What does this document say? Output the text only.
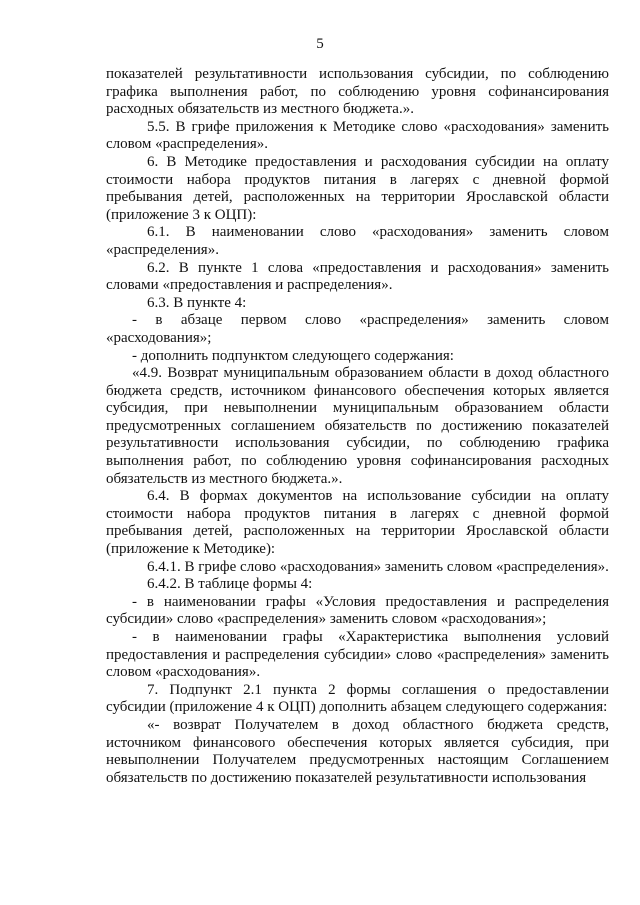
5

показателей результативности использования субсидии, по соблюдению графика выполнения работ, по соблюдению уровня софинансирования расходных обязательств из местного бюджета.».

5.5. В грифе приложения к Методике слово «расходования» заменить словом «распределения».

6. В Методике предоставления и расходования субсидии на оплату стоимости набора продуктов питания в лагерях с дневной формой пребывания детей, расположенных на территории Ярославской области (приложение 3 к ОЦП):

6.1. В наименовании слово «расходования» заменить словом «распределения».

6.2. В пункте 1 слова «предоставления и расходования» заменить словами «предоставления и распределения».

6.3. В пункте 4:

- в абзаце первом слово «распределения» заменить словом «расходования»;

- дополнить подпунктом следующего содержания:

«4.9. Возврат муниципальным образованием области в доход областного бюджета средств, источником финансового обеспечения которых является субсидия, при невыполнении муниципальным образованием области предусмотренных соглашением обязательств по достижению показателей результативности использования субсидии, по соблюдению графика выполнения работ, по соблюдению уровня софинансирования расходных обязательств из местного бюджета.».

6.4. В формах документов на использование субсидии на оплату стоимости набора продуктов питания в лагерях с дневной формой пребывания детей, расположенных на территории Ярославской области (приложение к Методике):

6.4.1. В грифе слово «расходования» заменить словом «распределения».

6.4.2. В таблице формы 4:

- в наименовании графы «Условия предоставления и распределения субсидии» слово «распределения» заменить словом «расходования»;

- в наименовании графы «Характеристика выполнения условий предоставления и распределения субсидии» слово «распределения» заменить словом «расходования».

7. Подпункт 2.1 пункта 2 формы соглашения о предоставлении субсидии (приложение 4 к ОЦП) дополнить абзацем следующего содержания:

«- возврат Получателем в доход областного бюджета средств, источником финансового обеспечения которых является субсидия, при невыполнении Получателем предусмотренных настоящим Соглашением обязательств по достижению показателей результативности использования
